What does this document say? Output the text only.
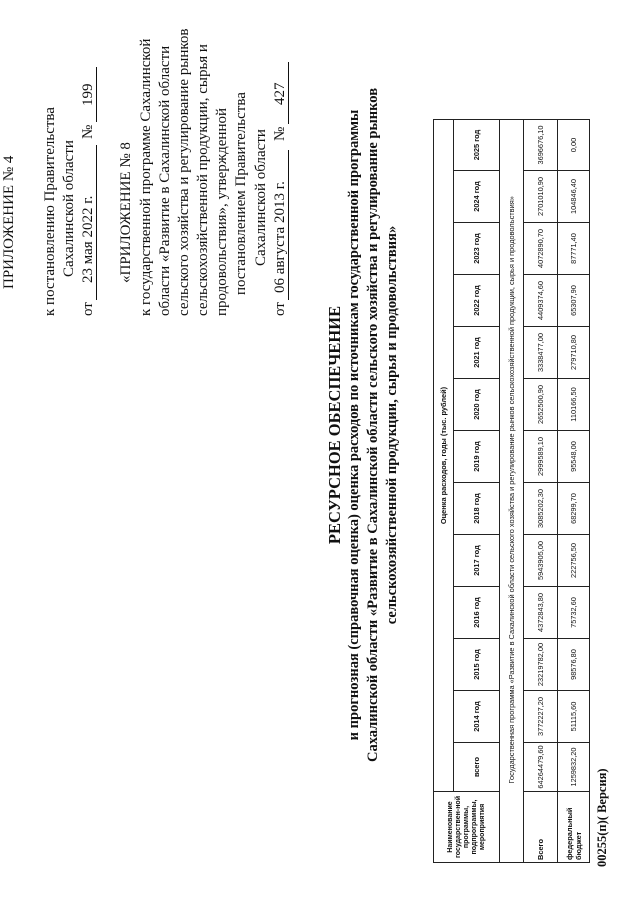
ПРИЛОЖЕНИЕ № 4 к постановлению Правительства Сахалинской области
от
23 мая 2022 г.
№
199
«ПРИЛОЖЕНИЕ № 8 к государственной программе Сахалинской области «Развитие в Сахалинской области сельского хозяйства и регулирование рынков сельскохозяйственной продукции, сырья и продовольствия», утвержденной постановлением Правительства Сахалинской области
от
06 августа 2013 г.
№
427
РЕСУРСНОЕ ОБЕСПЕЧЕНИЕ и прогнозная (справочная оценка) оценка расходов по источникам государственной программы Сахалинской области «Развитие в Сахалинской области сельского хозяйства и регулирование рынков сельскохозяйственной продукции, сырья и продовольствия»
Наименование государствен-ной программы, подпрограммы, мероприятия	Оценка расходов, годы (тыс. рублей)												
	всего	2014 год	2015 год	2016 год	2017 год	2018 год	2019 год	2020 год	2021 год	2022 год	2023 год	2024 год	2025 год
	Государственная программа «Развитие в Сахалинской области сельского хозяйства и регулирование рынков сельскохозяйственной продукции, сырья и продовольствия»												
Всего	64264479,60	3772227,20	23219782,00	4372843,80	5943905,00	3085202,30	2999589,10	2652500,90	3338477,00	4409374,60	4072890,70	2701010,90	3696676,10
федеральный бюджет	1259832,20	51115,60	98576,80	75732,60	222756,50	68299,70	95548,00	110166,50	279710,80	65307,90	87771,40	104846,40	0,00
00255(п)( Версия)
